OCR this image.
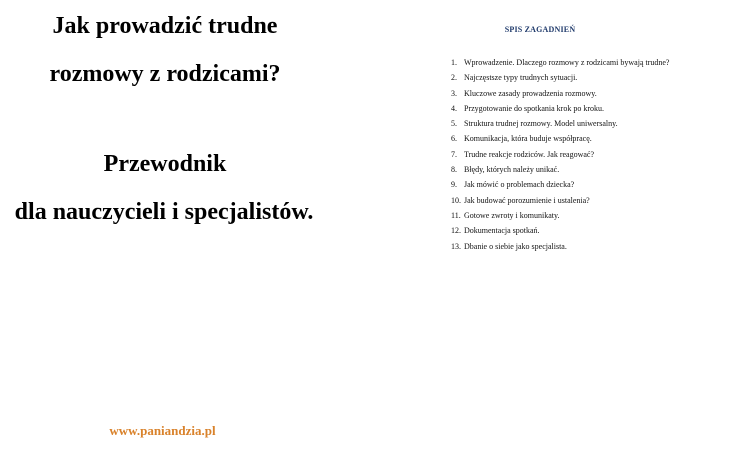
Jak prowadzić trudne
rozmowy z rodzicami?
Przewodnik
dla nauczycieli i specjalistów.
www.paniandzia.pl
SPIS ZAGADNIEŃ
1. Wprowadzenie. Dlaczego rozmowy z rodzicami bywają trudne?
2. Najczęstsze typy trudnych sytuacji.
3. Kluczowe zasady prowadzenia rozmowy.
4. Przygotowanie do spotkania krok po kroku.
5. Struktura trudnej rozmowy. Model uniwersalny.
6. Komunikacja, która buduje współpracę.
7. Trudne reakcje rodziców. Jak reagować?
8. Błędy, których należy unikać.
9. Jak mówić o problemach dziecka?
10. Jak budować porozumienie i ustalenia?
11. Gotowe zwroty i komunikaty.
12. Dokumentacja spotkań.
13. Dbanie o siebie jako specjalista.
